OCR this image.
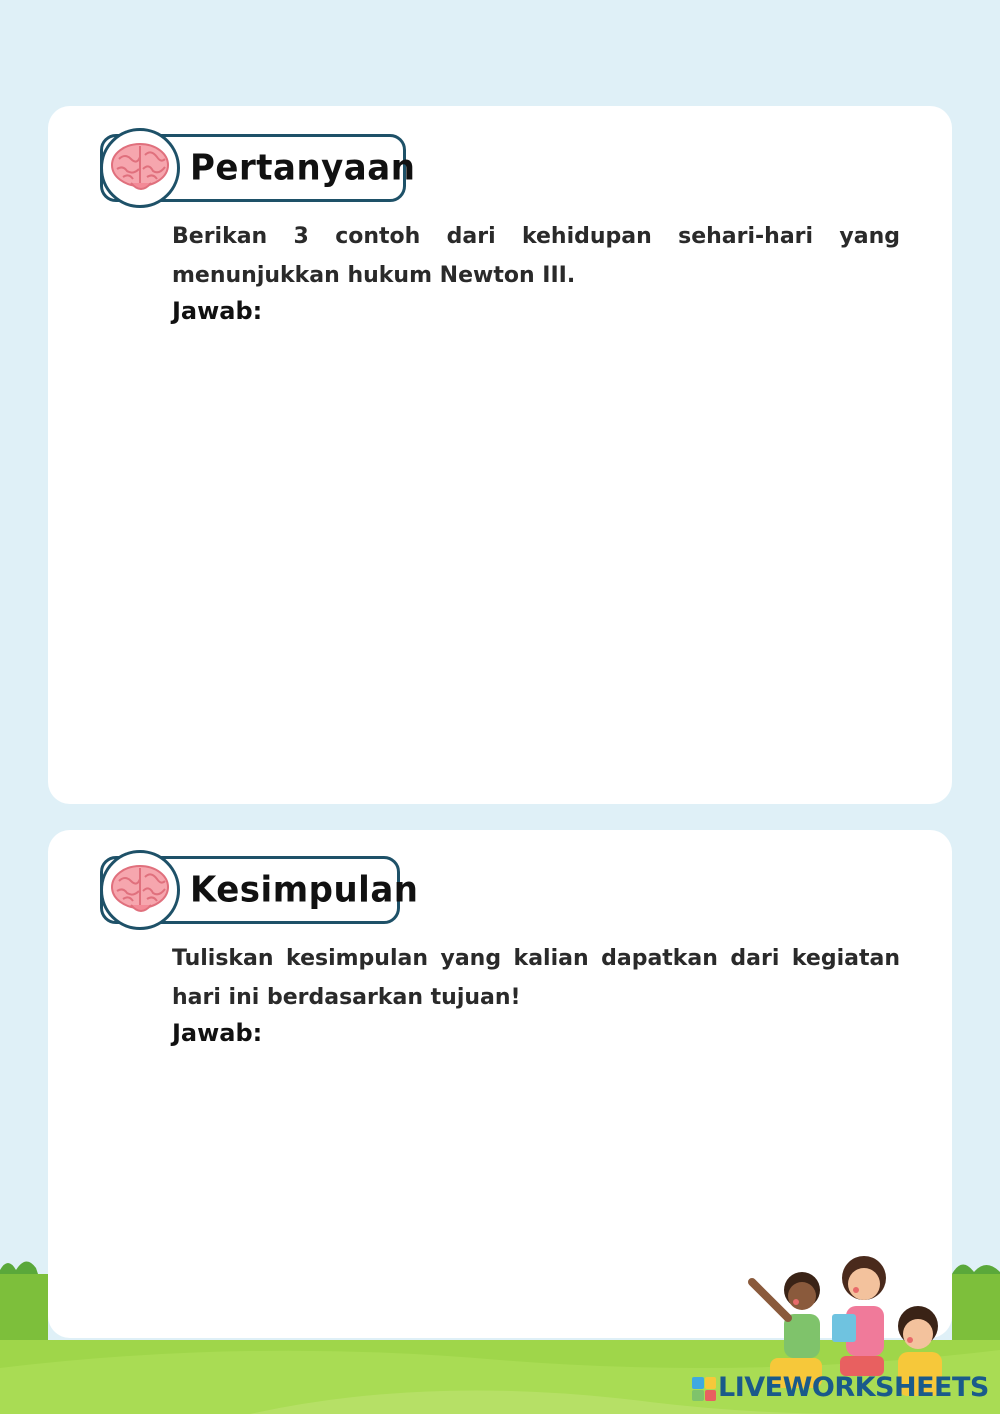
Pertanyaan

Berikan 3 contoh dari kehidupan sehari-hari yang menunjukkan hukum Newton III.

Jawab:
Kesimpulan

Tuliskan kesimpulan yang kalian dapatkan dari kegiatan hari ini berdasarkan tujuan!

Jawab:
LIVEWORKSHEETS
